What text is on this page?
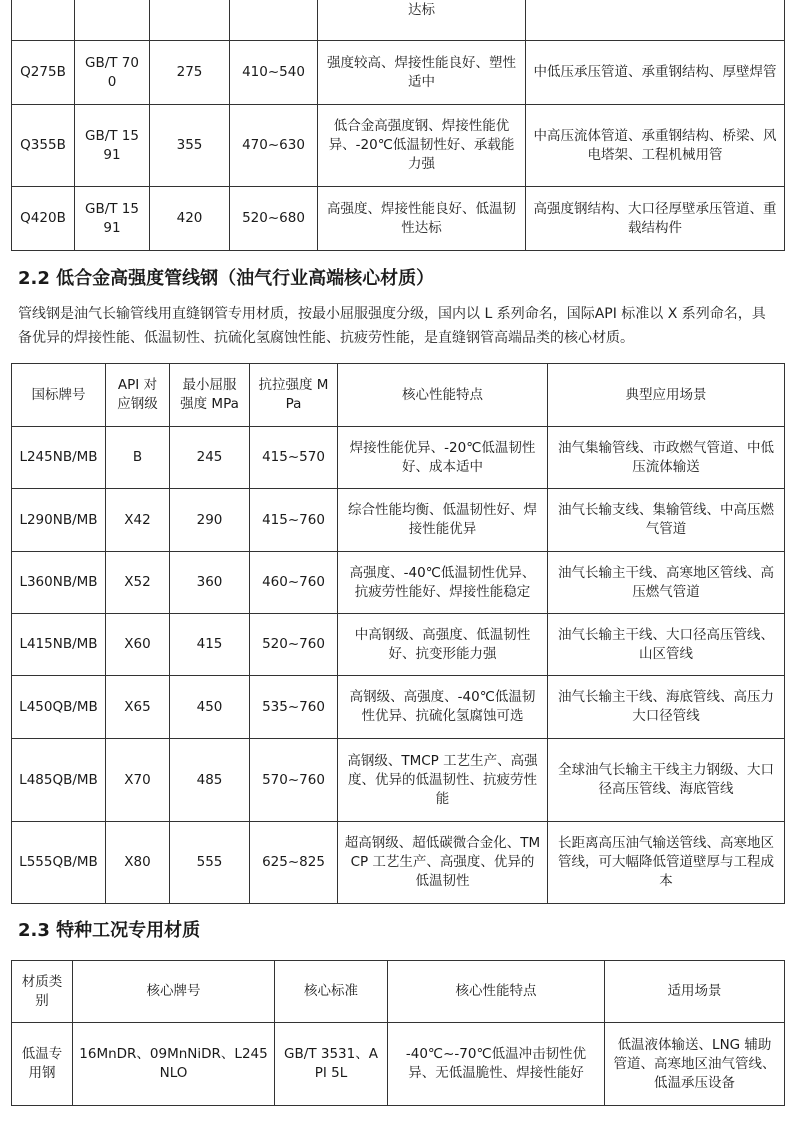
				达标	
Q275B	GB/T 700	275	410~540	强度较高、焊接性能良好、塑性适中	中低压承压管道、承重钢结构、厚壁焊管
Q355B	GB/T 1591	355	470~630	低合金高强度钢、焊接性能优异、-20℃低温韧性好、承载能力强	中高压流体管道、承重钢结构、桥梁、风电塔架、工程机械用管
Q420B	GB/T 1591	420	520~680	高强度、焊接性能良好、低温韧性达标	高强度钢结构、大口径厚壁承压管道、重载结构件
2.2 低合金高强度管线钢（油气行业高端核心材质）
管线钢是油气长输管线用直缝钢管专用材质，按最小屈服强度分级，国内以 L 系列命名，国际API 标准以 X 系列命名，具备优异的焊接性能、低温韧性、抗硫化氢腐蚀性能、抗疲劳性能，是直缝钢管高端品类的核心材质。
国标牌号	API 对应钢级	最小屈服强度 MPa	抗拉强度 MPa	核心性能特点	典型应用场景
L245NB/MB	B	245	415~570	焊接性能优异、-20℃低温韧性好、成本适中	油气集输管线、市政燃气管道、中低压流体输送
L290NB/MB	X42	290	415~760	综合性能均衡、低温韧性好、焊接性能优异	油气长输支线、集输管线、中高压燃气管道
L360NB/MB	X52	360	460~760	高强度、-40℃低温韧性优异、抗疲劳性能好、焊接性能稳定	油气长输主干线、高寒地区管线、高压燃气管道
L415NB/MB	X60	415	520~760	中高钢级、高强度、低温韧性好、抗变形能力强	油气长输主干线、大口径高压管线、山区管线
L450QB/MB	X65	450	535~760	高钢级、高强度、-40℃低温韧性优异、抗硫化氢腐蚀可选	油气长输主干线、海底管线、高压力大口径管线
L485QB/MB	X70	485	570~760	高钢级、TMCP 工艺生产、高强度、优异的低温韧性、抗疲劳性能	全球油气长输主干线主力钢级、大口径高压管线、海底管线
L555QB/MB	X80	555	625~825	超高钢级、超低碳微合金化、TMCP 工艺生产、高强度、优异的低温韧性	长距离高压油气输送管线、高寒地区管线，可大幅降低管道壁厚与工程成本
2.3 特种工况专用材质
材质类别	核心牌号	核心标准	核心性能特点	适用场景
低温专用钢	16MnDR、09MnNiDR、L245NLO	GB/T 3531、API 5L	-40℃~-70℃低温冲击韧性优异、无低温脆性、焊接性能好	低温液体输送、LNG 辅助管道、高寒地区油气管线、低温承压设备
